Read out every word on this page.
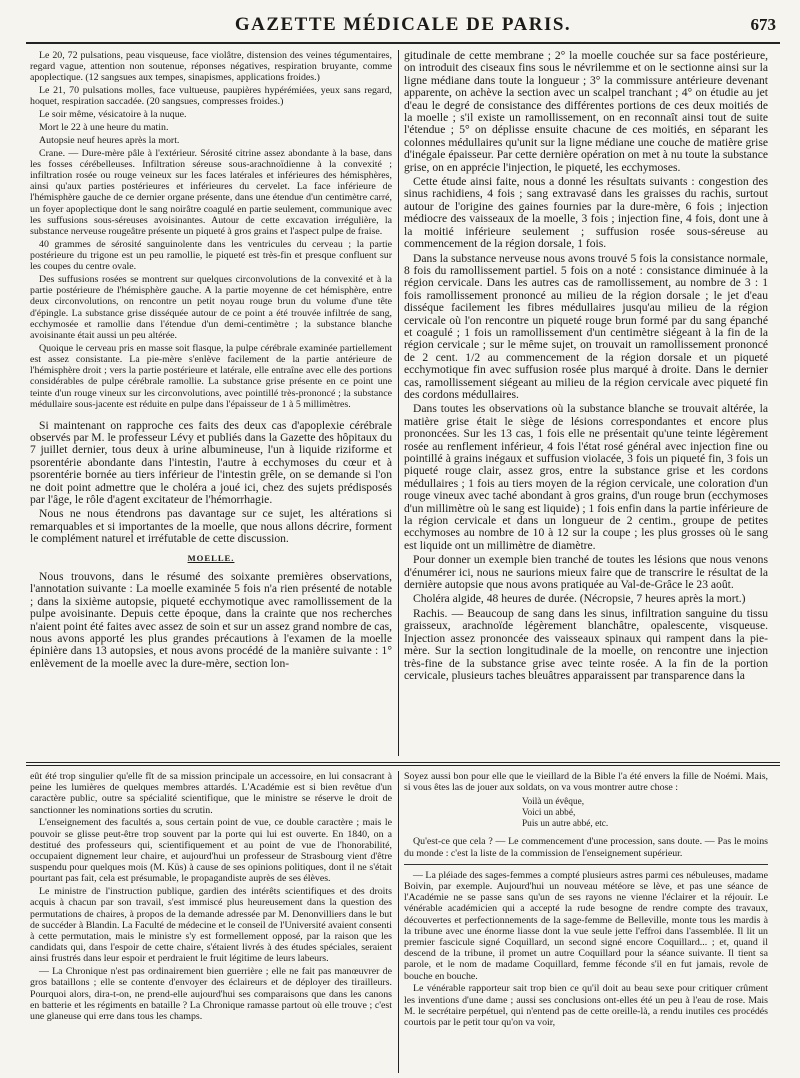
GAZETTE MÉDICALE DE PARIS.	673

Le 20, 72 pulsations, peau visqueuse, face violâtre, distension des veines tégumentaires, regard vague, attention non soutenue, réponses négatives, respiration bruyante, comme apoplectique. (12 sangsues aux tempes, sinapismes, applications froides.)

Le 21, 70 pulsations molles, face vultueuse, paupières hypérémiées, yeux sans regard, hoquet, respiration saccadée. (20 sangsues, compresses froides.)

Le soir même, vésicatoire à la nuque.

Mort le 22 à une heure du matin.

Autopsie neuf heures après la mort.

Crane. — Dure-mère pâle à l'extérieur. Sérosité citrine assez abondante à la base, dans les fosses cérébelleuses. Infiltration séreuse sous-arachnoïdienne à la convexité ; infiltration rosée ou rouge veineux sur les faces latérales et inférieures des hémisphères, ainsi qu'aux parties postérieures et inférieures du cervelet. La face inférieure de l'hémisphère gauche de ce dernier organe présente, dans une étendue d'un centimètre carré, un foyer apoplectique dont le sang noirâtre coagulé en partie seulement, communique avec les suffusions sous-séreuses avoisinantes. Autour de cette excavation irrégulière, la substance nerveuse rougeâtre présente un piqueté à gros grains et l'aspect pulpe de fraise.

40 grammes de sérosité sanguinolente dans les ventricules du cerveau ; la partie postérieure du trigone est un peu ramollie, le piqueté est très-fin et presque confluent sur les coupes du centre ovale.

Des suffusions rosées se montrent sur quelques circonvolutions de la convexité et à la partie postérieure de l'hémisphère gauche. A la partie moyenne de cet hémisphère, entre deux circonvolutions, on rencontre un petit noyau rouge brun du volume d'une tête d'épingle. La substance grise disséquée autour de ce point a été trouvée infiltrée de sang, ecchymosée et ramollie dans l'étendue d'un demi-centimètre ; la substance blanche avoisinante était aussi un peu altérée.

Quoique le cerveau pris en masse soit flasque, la pulpe cérébrale examinée partiellement est assez consistante. La pie-mère s'enlève facilement de la partie antérieure de l'hémisphère droit ; vers la partie postérieure et latérale, elle entraîne avec elle des portions considérables de pulpe cérébrale ramollie. La substance grise présente en ce point une teinte d'un rouge vineux sur les circonvolutions, avec pointillé très-prononcé ; la substance médullaire sous-jacente est réduite en pulpe dans l'épaisseur de 1 à 5 millimètres.

Si maintenant on rapproche ces faits des deux cas d'apoplexie cérébrale observés par M. le professeur Lévy et publiés dans la Gazette des hôpitaux du 7 juillet dernier, tous deux à urine albumineuse, l'un à liquide riziforme et psorentérie abondante dans l'intestin, l'autre à ecchymoses du cœur et à psorentérie bornée au tiers inférieur de l'intestin grêle, on se demande si l'on ne doit point admettre que le choléra a joué ici, chez des sujets prédisposés par l'âge, le rôle d'agent excitateur de l'hémorrhagie.

Nous ne nous étendrons pas davantage sur ce sujet, les altérations si remarquables et si importantes de la moelle, que nous allons décrire, forment le complément naturel et irréfutable de cette discussion.

MOELLE.

Nous trouvons, dans le résumé des soixante premières observations, l'annotation suivante : La moelle examinée 5 fois n'a rien présenté de notable ; dans la sixième autopsie, piqueté ecchymotique avec ramollissement de la pulpe avoisinante. Depuis cette époque, dans la crainte que nos recherches n'aient point été faites avec assez de soin et sur un assez grand nombre de cas, nous avons apporté les plus grandes précautions à l'examen de la moelle épinière dans 13 autopsies, et nous avons procédé de la manière suivante : 1° enlèvement de la moelle avec la dure-mère, section lon-

gitudinale de cette membrane ; 2° la moelle couchée sur sa face postérieure, on introduit des ciseaux fins sous le névrilemme et on le sectionne ainsi sur la ligne médiane dans toute la longueur ; 3° la commissure antérieure devenant apparente, on achève la section avec un scalpel tranchant ; 4° on étudie au jet d'eau le degré de consistance des différentes portions de ces deux moitiés de la moelle ; s'il existe un ramollissement, on en reconnaît ainsi tout de suite l'étendue ; 5° on déplisse ensuite chacune de ces moitiés, en séparant les colonnes médullaires qu'unit sur la ligne médiane une couche de matière grise d'inégale épaisseur. Par cette dernière opération on met à nu toute la substance grise, on en apprécie l'injection, le piqueté, les ecchymoses.

Cette étude ainsi faite, nous a donné les résultats suivants : congestion des sinus rachidiens, 4 fois ; sang extravasé dans les graisses du rachis, surtout autour de l'origine des gaines fournies par la dure-mère, 6 fois ; injection médiocre des vaisseaux de la moelle, 3 fois ; injection fine, 4 fois, dont une à la moitié inférieure seulement ; suffusion rosée sous-séreuse au commencement de la région dorsale, 1 fois.

Dans la substance nerveuse nous avons trouvé 5 fois la consistance normale, 8 fois du ramollissement partiel. 5 fois on a noté : consistance diminuée à la région cervicale. Dans les autres cas de ramollissement, au nombre de 3 : 1 fois ramollissement prononcé au milieu de la région dorsale ; le jet d'eau disséque facilement les fibres médullaires jusqu'au milieu de la région cervicale où l'on rencontre un piqueté rouge brun formé par du sang épanché et coagulé ; 1 fois un ramollissement d'un centimètre siégeant à la fin de la région cervicale ; sur le même sujet, on trouvait un ramollissement prononcé de 2 cent. 1/2 au commencement de la région dorsale et un piqueté ecchymotique fin avec suffusion rosée plus marqué à droite. Dans le dernier cas, ramollissement siégeant au milieu de la région cervicale avec piqueté fin des cordons médullaires.

Dans toutes les observations où la substance blanche se trouvait altérée, la matière grise était le siège de lésions correspondantes et encore plus prononcées. Sur les 13 cas, 1 fois elle ne présentait qu'une teinte légèrement rosée au renflement inférieur, 4 fois l'état rosé général avec injection fine ou pointillé à grains inégaux et suffusion violacée, 3 fois un piqueté fin, 3 fois un piqueté rouge clair, assez gros, entre la substance grise et les cordons médullaires ; 1 fois au tiers moyen de la région cervicale, une coloration d'un rouge vineux avec taché abondant à gros grains, d'un rouge brun (ecchymoses d'un millimètre où le sang est liquide) ; 1 fois enfin dans la partie inférieure de la région cervicale et dans un longueur de 2 centim., groupe de petites ecchymoses au nombre de 10 à 12 sur la coupe ; les plus grosses où le sang est liquide ont un millimètre de diamètre.

Pour donner un exemple bien tranché de toutes les lésions que nous venons d'énumérer ici, nous ne saurions mieux faire que de transcrire le résultat de la dernière autopsie que nous avons pratiquée au Val-de-Grâce le 23 août.

Choléra algide, 48 heures de durée. (Nécropsie, 7 heures après la mort.)

Rachis. — Beaucoup de sang dans les sinus, infiltration sanguine du tissu graisseux, arachnoïde légèrement blanchâtre, opalescente, visqueuse. Injection assez prononcée des vaisseaux spinaux qui rampent dans la pie-mère. Sur la section longitudinale de la moelle, on rencontre une injection très-fine de la substance grise avec teinte rosée. A la fin de la portion cervicale, plusieurs taches bleuâtres apparaissent par transparence dans la

eût été trop singulier qu'elle fît de sa mission principale un accessoire, en lui consacrant à peine les lumières de quelques membres attardés. L'Académie est si bien revêtue d'un caractère public, outre sa spécialité scientifique, que le ministre se réserve le droit de sanctionner les nominations sorties du scrutin.

L'enseignement des facultés a, sous certain point de vue, ce double caractère ; mais le pouvoir se glisse peut-être trop souvent par la porte qui lui est ouverte. En 1840, on a destitué des professeurs qui, scientifiquement et au point de vue de l'honorabilité, occupaient dignement leur chaire, et aujourd'hui un professeur de Strasbourg vient d'être suspendu pour quelques mois (M. Küs) à cause de ses opinions politiques, dont il ne s'était pourtant pas fait, cela est présumable, le propagandiste auprès de ses élèves.

Le ministre de l'instruction publique, gardien des intérêts scientifiques et des droits acquis à chacun par son travail, s'est immiscé plus heureusement dans la question des permutations de chaires, à propos de la demande adressée par M. Denonvilliers dans le but de succéder à Blandin. La Faculté de médecine et le conseil de l'Université avaient consenti à cette permutation, mais le ministre s'y est formellement opposé, par la raison que les candidats qui, dans l'espoir de cette chaire, s'étaient livrés à des études spéciales, seraient ainsi frustrés dans leur espoir et perdraient le fruit légitime de leurs labeurs.

— La Chronique n'est pas ordinairement bien guerrière ; elle ne fait pas manœuvrer de gros bataillons ; elle se contente d'envoyer des éclaireurs et de déployer des tirailleurs. Pourquoi alors, dira-t-on, ne prend-elle aujourd'hui ses comparaisons que dans les canons en batterie et les régiments en bataille ? La Chronique ramasse partout où elle trouve ; c'est une glaneuse qui erre dans tous les champs.

Soyez aussi bon pour elle que le vieillard de la Bible l'a été envers la fille de Noémi. Mais, si vous êtes las de jouer aux soldats, on va vous montrer autre chose :

Voilà un évêque,
Voici un abbé,
Puis un autre abbé, etc.

Qu'est-ce que cela ? — Le commencement d'une procession, sans doute. — Pas le moins du monde : c'est la liste de la commission de l'enseignement supérieur.

— La pléiade des sages-femmes a compté plusieurs astres parmi ces nébuleuses, madame Boivin, par exemple. Aujourd'hui un nouveau météore se lève, et pas une séance de l'Académie ne se passe sans qu'un de ses rayons ne vienne l'éclairer et la réjouir. Le vénérable académicien qui a accepté la rude besogne de rendre compte des travaux, découvertes et perfectionnements de la sage-femme de Belleville, monte tous les mardis à la tribune avec une énorme liasse dont la vue seule jette l'effroi dans l'assemblée. Il lit un premier fascicule signé Coquillard, un second signé encore Coquillard... ; et, quand il descend de la tribune, il promet un autre Coquillard pour la séance suivante. Il tient sa parole, et le nom de madame Coquillard, femme féconde s'il en fut jamais, revole de bouche en bouche.

Le vénérable rapporteur sait trop bien ce qu'il doit au beau sexe pour critiquer crûment les inventions d'une dame ; aussi ses conclusions ont-elles été un peu à l'eau de rose. Mais M. le secrétaire perpétuel, qui n'entend pas de cette oreille-là, a rendu inutiles ces procédés courtois par le petit tour qu'on va voir,
